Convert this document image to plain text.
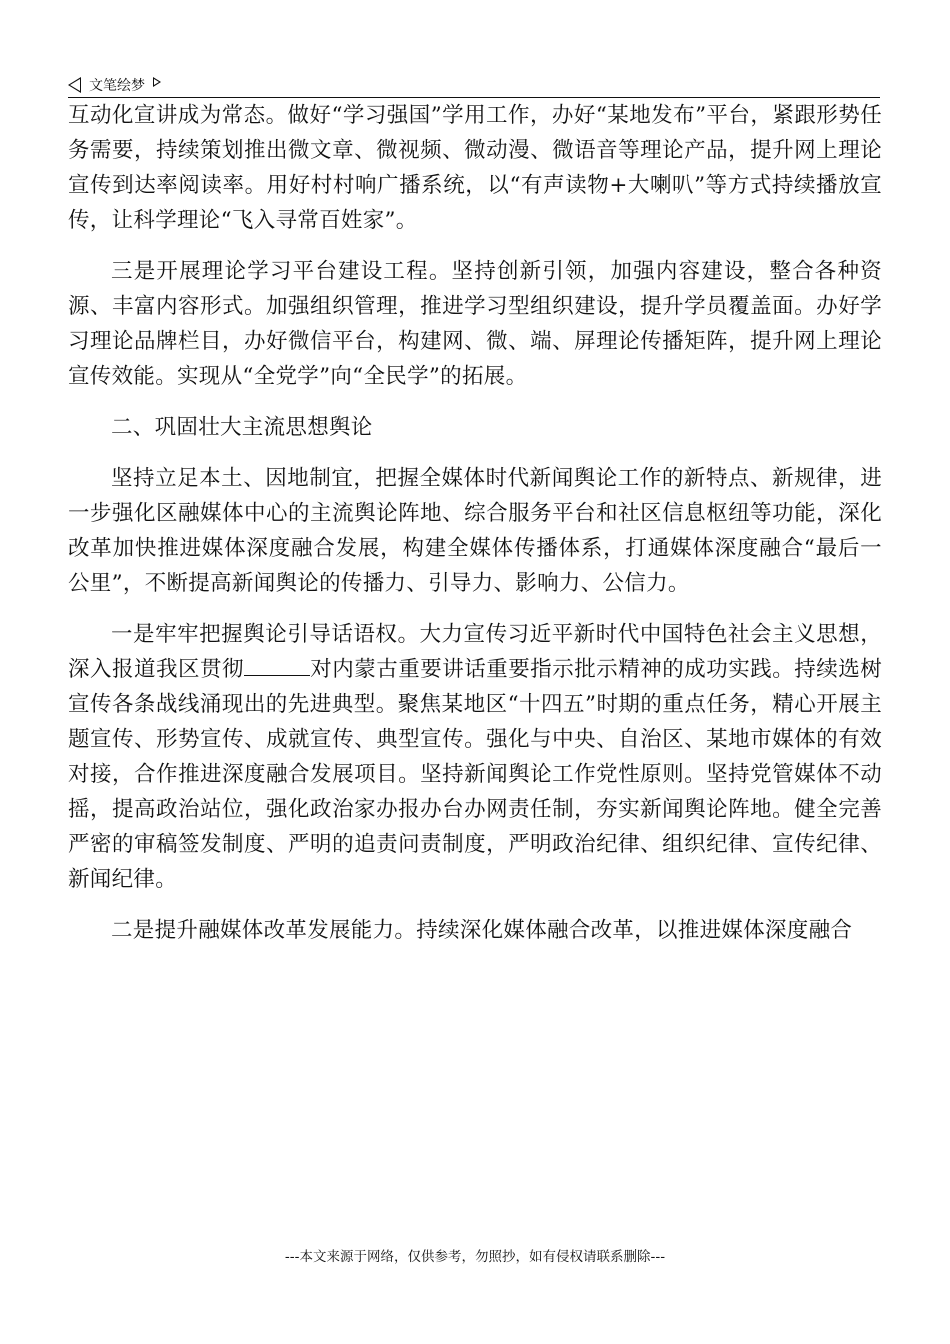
文笔绘梦

互动化宣讲成为常态。做好“学习强国”学用工作，办好“某地发布”平台，紧跟形势任务需要，持续策划推出微文章、微视频、微动漫、微语音等理论产品，提升网上理论宣传到达率阅读率。用好村村响广播系统，以“有声读物+大喇叭”等方式持续播放宣传，让科学理论“飞入寻常百姓家”。

三是开展理论学习平台建设工程。坚持创新引领，加强内容建设，整合各种资源、丰富内容形式。加强组织管理，推进学习型组织建设，提升学员覆盖面。办好学习理论品牌栏目，办好微信平台，构建网、微、端、屏理论传播矩阵，提升网上理论宣传效能。实现从“全党学”向“全民学”的拓展。

二、巩固壮大主流思想舆论

坚持立足本土、因地制宜，把握全媒体时代新闻舆论工作的新特点、新规律，进一步强化区融媒体中心的主流舆论阵地、综合服务平台和社区信息枢纽等功能，深化改革加快推进媒体深度融合发展，构建全媒体传播体系，打通媒体深度融合“最后一公里”，不断提高新闻舆论的传播力、引导力、影响力、公信力。

一是牢牢把握舆论引导话语权。大力宣传习近平新时代中国特色社会主义思想，深入报道我区贯彻	对内蒙古重要讲话重要指示批示精神的成功实践。持续选树宣传各条战线涌现出的先进典型。聚焦某地区“十四五”时期的重点任务，精心开展主题宣传、形势宣传、成就宣传、典型宣传。强化与中央、自治区、某地市媒体的有效对接，合作推进深度融合发展项目。坚持新闻舆论工作党性原则。坚持党管媒体不动摇，提高政治站位，强化政治家办报办台办网责任制，夯实新闻舆论阵地。健全完善严密的审稿签发制度、严明的追责问责制度，严明政治纪律、组织纪律、宣传纪律、新闻纪律。

二是提升融媒体改革发展能力。持续深化媒体融合改革，以推进媒体深度融合

---本文来源于网络，仅供参考，勿照抄，如有侵权请联系删除---
